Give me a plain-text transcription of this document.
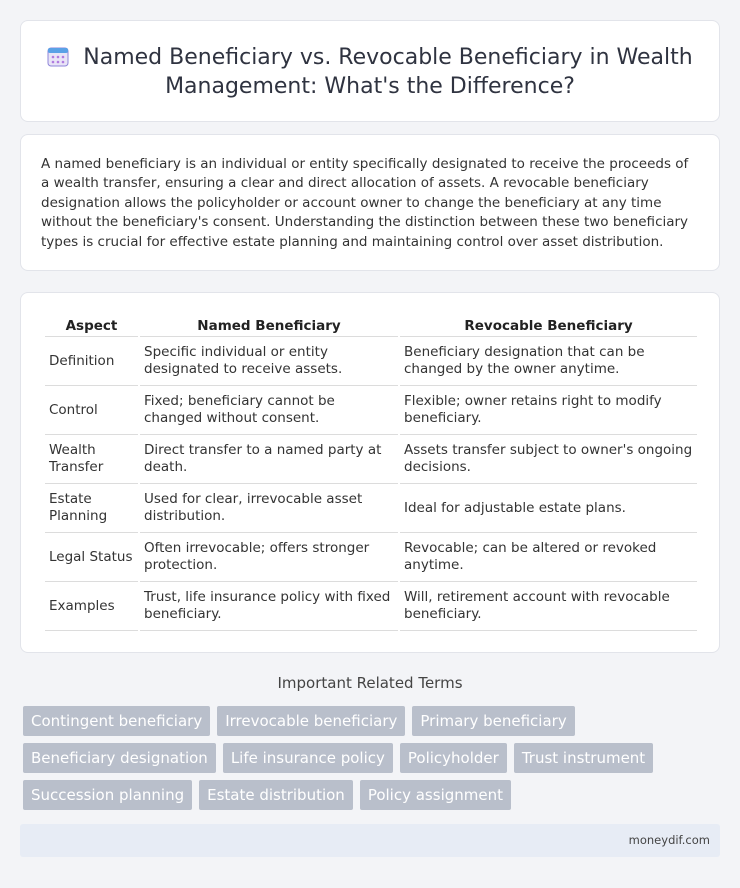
Named Beneficiary vs. Revocable Beneficiary in Wealth Management: What's the Difference?

A named beneficiary is an individual or entity specifically designated to receive the proceeds of a wealth transfer, ensuring a clear and direct allocation of assets. A revocable beneficiary designation allows the policyholder or account owner to change the beneficiary at any time without the beneficiary's consent. Understanding the distinction between these two beneficiary types is crucial for effective estate planning and maintaining control over asset distribution.

Aspect	Named Beneficiary	Revocable Beneficiary
Definition	Specific individual or entity designated to receive assets.	Beneficiary designation that can be changed by the owner anytime.
Control	Fixed; beneficiary cannot be changed without consent.	Flexible; owner retains right to modify beneficiary.
Wealth Transfer	Direct transfer to a named party at death.	Assets transfer subject to owner's ongoing decisions.
Estate Planning	Used for clear, irrevocable asset distribution.	Ideal for adjustable estate plans.
Legal Status	Often irrevocable; offers stronger protection.	Revocable; can be altered or revoked anytime.
Examples	Trust, life insurance policy with fixed beneficiary.	Will, retirement account with revocable beneficiary.
Important Related Terms
Contingent beneficiary	Irrevocable beneficiary	Primary beneficiary
Beneficiary designation	Life insurance policy	Policyholder	Trust instrument
Succession planning	Estate distribution	Policy assignment
moneydif.com
